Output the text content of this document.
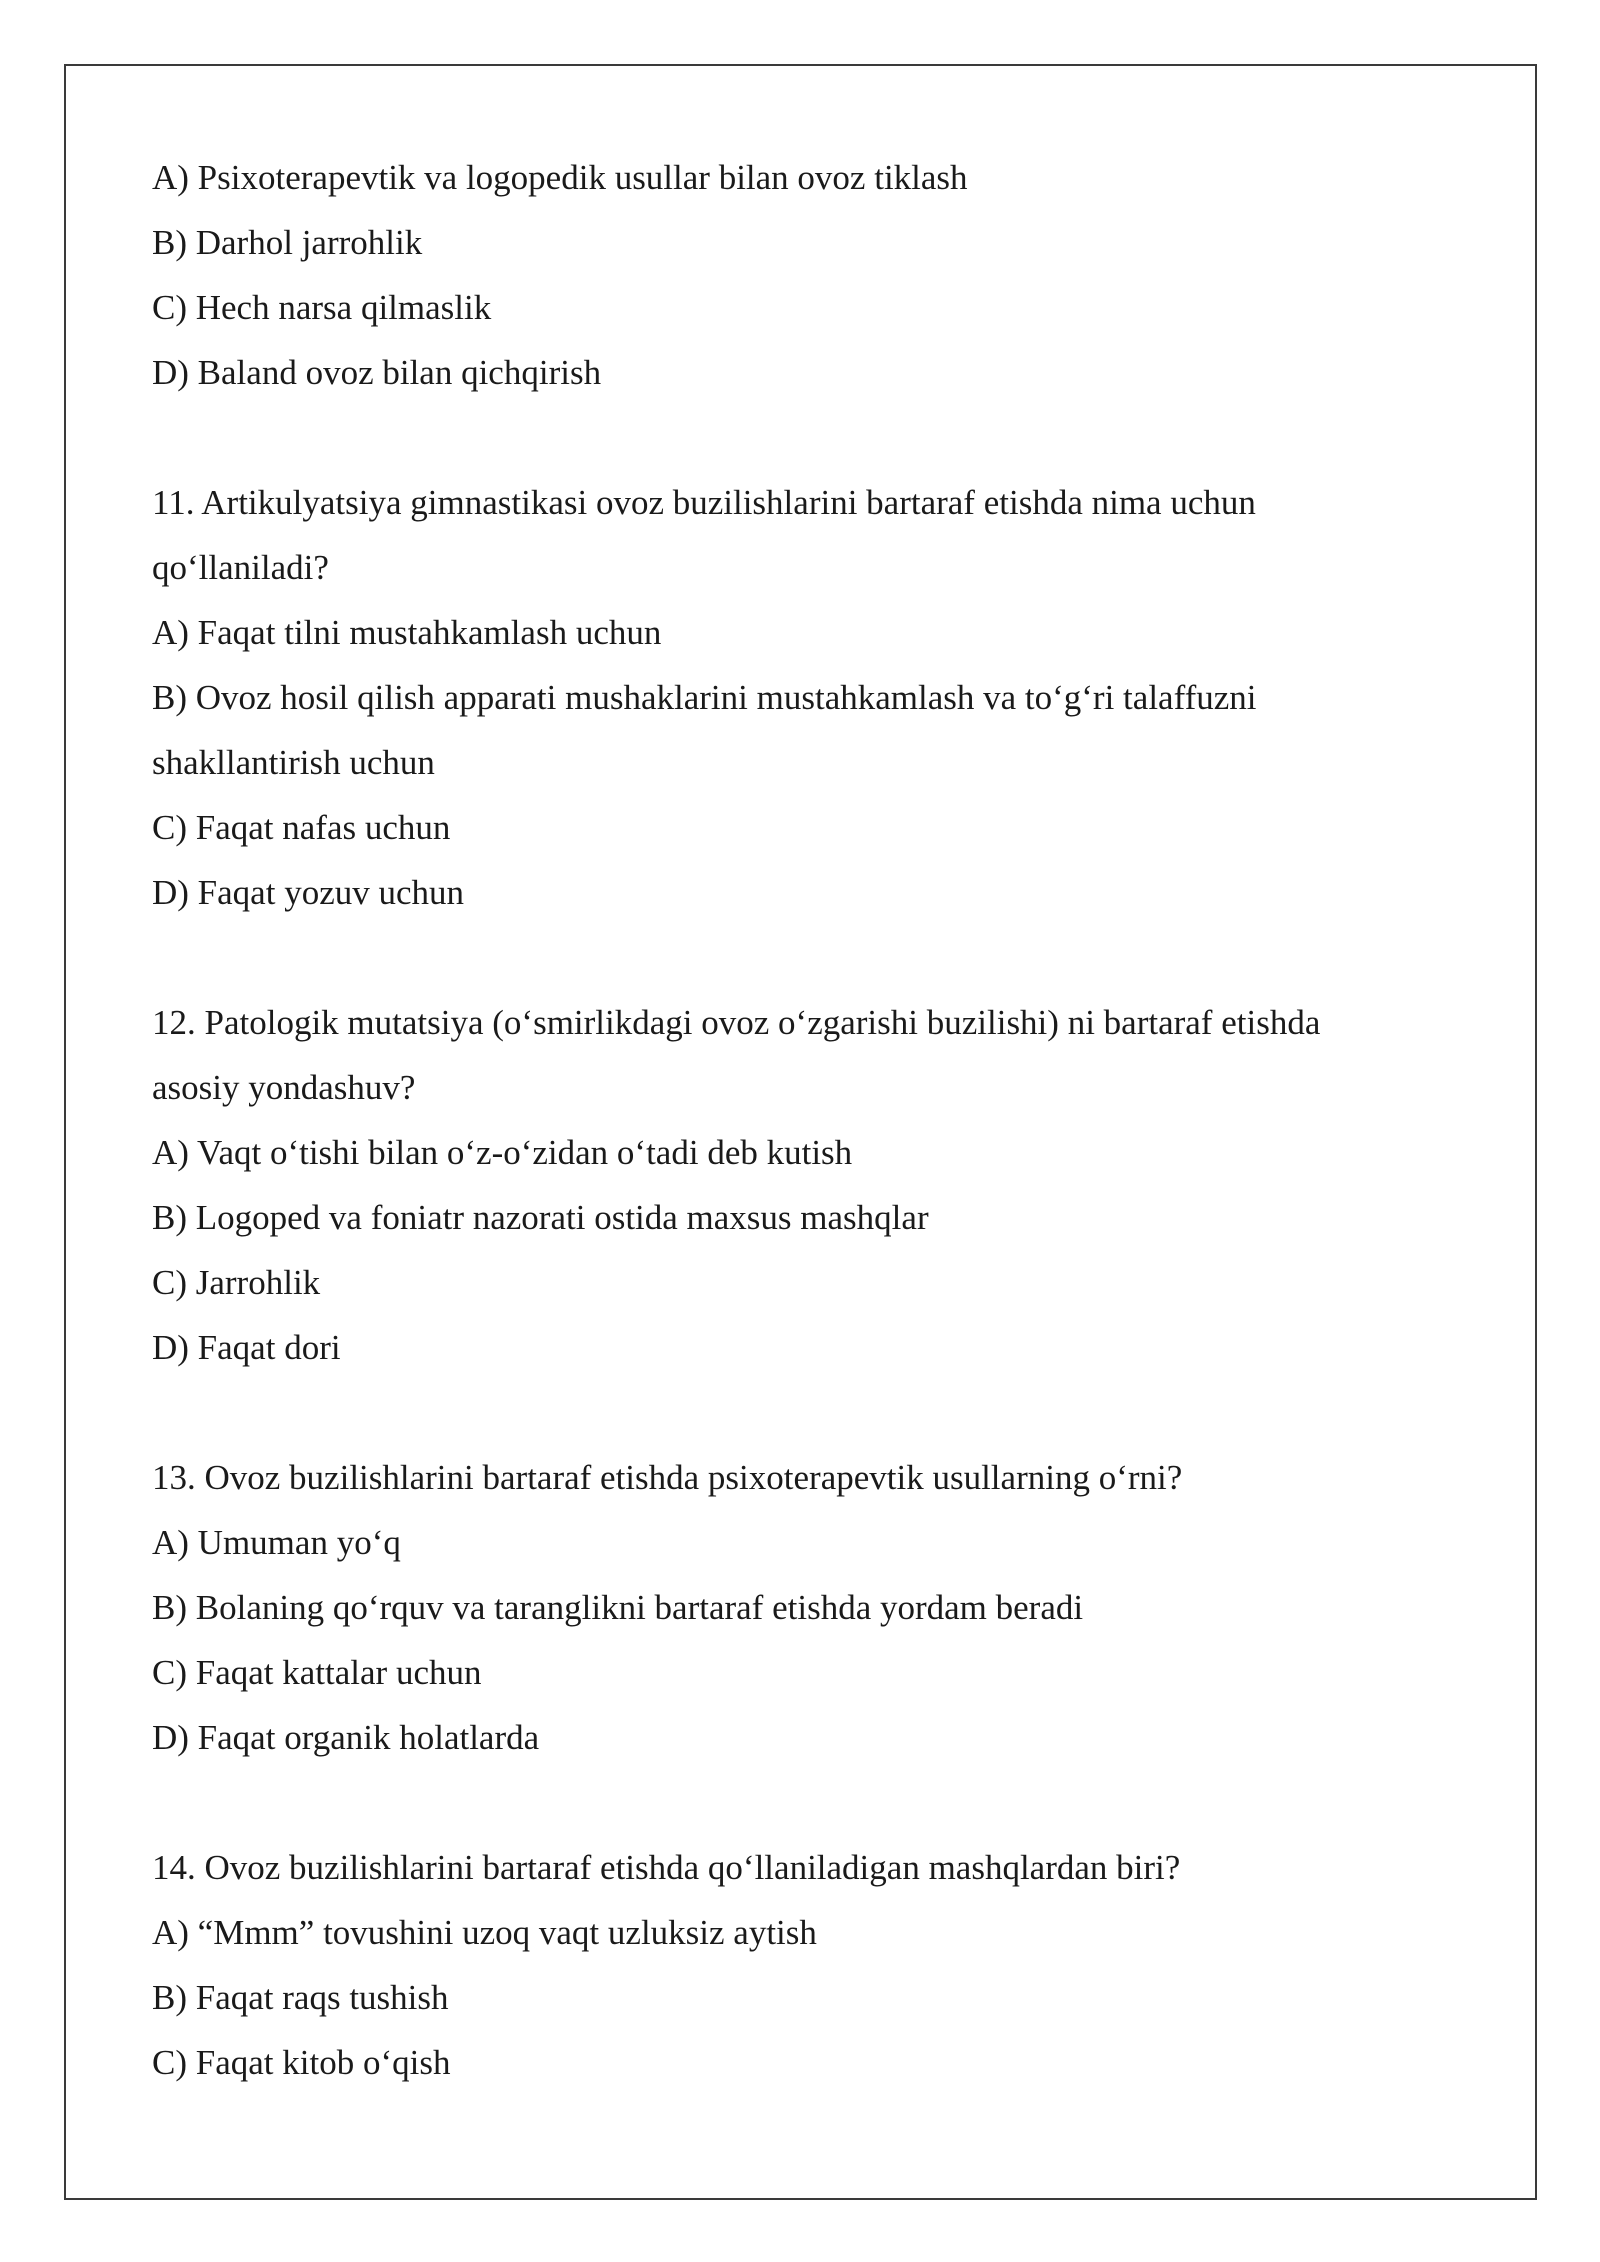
A) Psixoterapevtik va logopedik usullar bilan ovoz tiklash
B) Darhol jarrohlik
C) Hech narsa qilmaslik
D) Baland ovoz bilan qichqirish
11. Artikulyatsiya gimnastikasi ovoz buzilishlarini bartaraf etishda nima uchun
qo‘llaniladi?
A) Faqat tilni mustahkamlash uchun
B) Ovoz hosil qilish apparati mushaklarini mustahkamlash va to‘g‘ri talaffuzni
shakllantirish uchun
C) Faqat nafas uchun
D) Faqat yozuv uchun
12. Patologik mutatsiya (o‘smirlikdagi ovoz o‘zgarishi buzilishi) ni bartaraf etishda
asosiy yondashuv?
A) Vaqt o‘tishi bilan o‘z-o‘zidan o‘tadi deb kutish
B) Logoped va foniatr nazorati ostida maxsus mashqlar
C) Jarrohlik
D) Faqat dori
13. Ovoz buzilishlarini bartaraf etishda psixoterapevtik usullarning o‘rni?
A) Umuman yo‘q
B) Bolaning qo‘rquv va taranglikni bartaraf etishda yordam beradi
C) Faqat kattalar uchun
D) Faqat organik holatlarda
14. Ovoz buzilishlarini bartaraf etishda qo‘llaniladigan mashqlardan biri?
A) “Mmm” tovushini uzoq vaqt uzluksiz aytish
B) Faqat raqs tushish
C) Faqat kitob o‘qish
